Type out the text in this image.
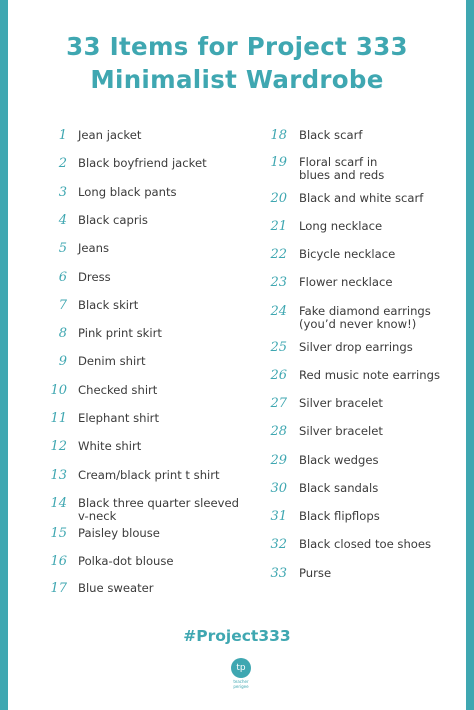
33 Items for Project 333
Minimalist Wardrobe
1 Jean jacket
2 Black boyfriend jacket
3 Long black pants
4 Black capris
5 Jeans
6 Dress
7 Black skirt
8 Pink print skirt
9 Denim shirt
10 Checked shirt
11 Elephant shirt
12 White shirt
13 Cream/black print t shirt
14 Black three quarter sleeved
v-neck
15 Paisley blouse
16 Polka-dot blouse
17 Blue sweater
18 Black scarf
19 Floral scarf in
blues and reds
20 Black and white scarf
21 Long necklace
22 Bicycle necklace
23 Flower necklace
24 Fake diamond earrings
(you’d never know!)
25 Silver drop earrings
26 Red music note earrings
27 Silver bracelet
28 Silver bracelet
29 Black wedges
30 Black sandals
31 Black flipflops
32 Black closed toe shoes
33 Purse
#Project333
tp
teacher
perigee
